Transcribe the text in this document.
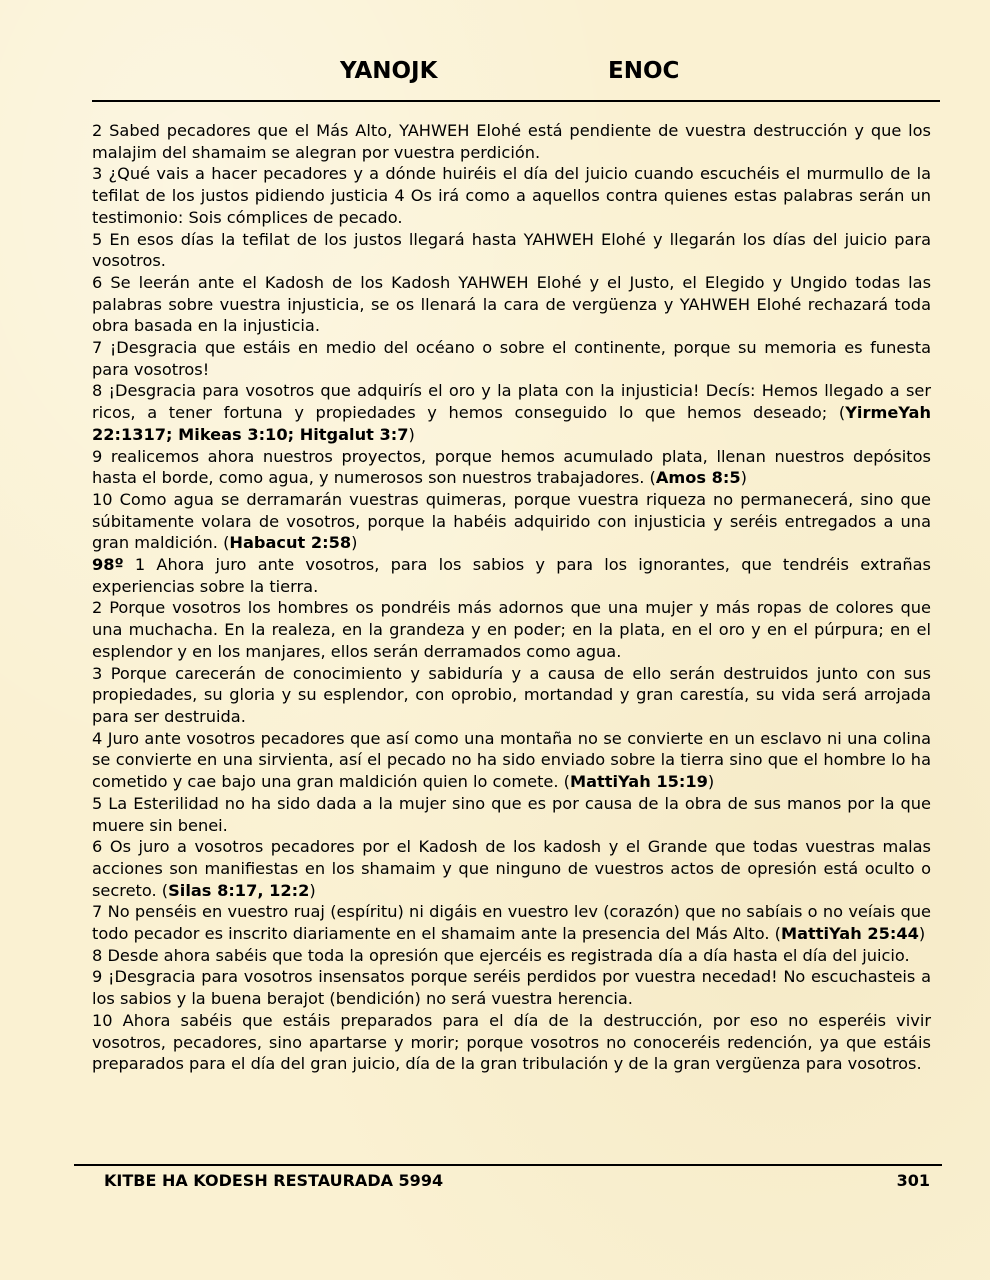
YANOJK	ENOC

2 Sabed pecadores que el Más Alto, YAHWEH Elohé está pendiente de vuestra destrucción y que los malajim del shamaim se alegran por vuestra perdición.

3 ¿Qué vais a hacer pecadores y a dónde huiréis el día del juicio cuando escuchéis el murmullo de la tefilat de los justos pidiendo justicia 4 Os irá como a aquellos contra quienes estas palabras serán un testimonio: Sois cómplices de pecado.

5 En esos días la tefilat de los justos llegará hasta YAHWEH Elohé y llegarán los días del juicio para vosotros.

6 Se leerán ante el Kadosh de los Kadosh YAHWEH Elohé y el Justo, el Elegido y Ungido todas las palabras sobre vuestra injusticia, se os llenará la cara de vergüenza y YAHWEH Elohé rechazará toda obra basada en la injusticia.

7 ¡Desgracia que estáis en medio del océano o sobre el continente, porque su memoria es funesta para vosotros!

8 ¡Desgracia para vosotros que adquirís el oro y la plata con la injusticia! Decís: Hemos llegado a ser ricos, a tener fortuna y propiedades y hemos conseguido lo que hemos deseado; (YirmeYah 22:1317; Mikeas 3:10; Hitgalut 3:7)

9 realicemos ahora nuestros proyectos, porque hemos acumulado plata, llenan nuestros depósitos hasta el borde, como agua, y numerosos son nuestros trabajadores. (Amos 8:5)

10 Como agua se derramarán vuestras quimeras, porque vuestra riqueza no permanecerá, sino que súbitamente volara de vosotros, porque la habéis adquirido con injusticia y seréis entregados a una gran maldición. (Habacut 2:58)

98º 1 Ahora juro ante vosotros, para los sabios y para los ignorantes, que tendréis extrañas experiencias sobre la tierra.

2 Porque vosotros los hombres os pondréis más adornos que una mujer y más ropas de colores que una muchacha. En la realeza, en la grandeza y en poder; en la plata, en el oro y en el púrpura; en el esplendor y en los manjares, ellos serán derramados como agua.

3 Porque carecerán de conocimiento y sabiduría y a causa de ello serán destruidos junto con sus propiedades, su gloria y su esplendor, con oprobio, mortandad y gran carestía, su vida será arrojada para ser destruida.

4 Juro ante vosotros pecadores que así como una montaña no se convierte en un esclavo ni una colina se convierte en una sirvienta, así el pecado no ha sido enviado sobre la tierra sino que el hombre lo ha cometido y cae bajo una gran maldición quien lo comete. (MattiYah 15:19)

5 La Esterilidad no ha sido dada a la mujer sino que es por causa de la obra de sus manos por la que muere sin benei.

6 Os juro a vosotros pecadores por el Kadosh de los kadosh y el Grande que todas vuestras malas acciones son manifiestas en los shamaim y que ninguno de vuestros actos de opresión está oculto o secreto. (Silas 8:17, 12:2)

7 No penséis en vuestro ruaj (espíritu) ni digáis en vuestro lev (corazón) que no sabíais o no veíais que todo pecador es inscrito diariamente en el shamaim ante la presencia del Más Alto. (MattiYah 25:44)

8 Desde ahora sabéis que toda la opresión que ejercéis es registrada día a día hasta el día del juicio.

9 ¡Desgracia para vosotros insensatos porque seréis perdidos por vuestra necedad! No escuchasteis a los sabios y la buena berajot (bendición) no será vuestra herencia.

10 Ahora sabéis que estáis preparados para el día de la destrucción, por eso no esperéis vivir vosotros, pecadores, sino apartarse y morir; porque vosotros no conoceréis redención, ya que estáis preparados para el día del gran juicio, día de la gran tribulación y de la gran vergüenza para vosotros.

KITBE HA KODESH RESTAURADA 5994	301
